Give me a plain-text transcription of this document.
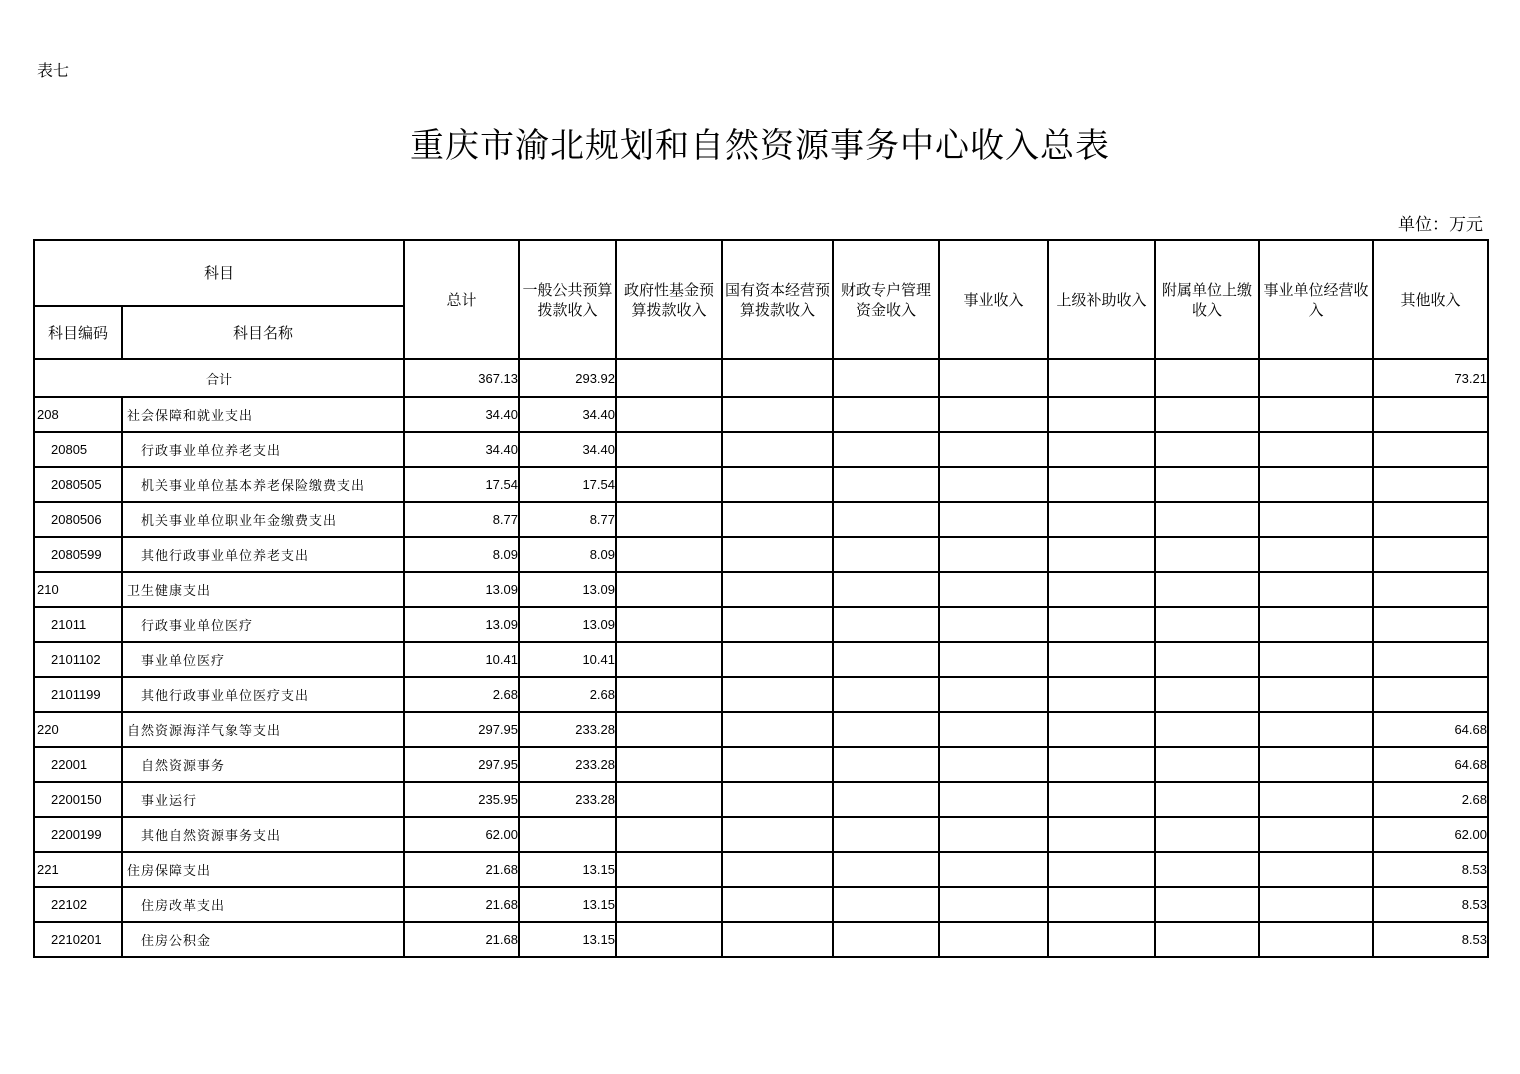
表七
重庆市渝北规划和自然资源事务中心收入总表
单位：万元
科目		总计	一般公共预算拨款收入	政府性基金预算拨款收入	国有资本经营预算拨款收入	财政专户管理资金收入	事业收入	上级补助收入	附属单位上缴收入	事业单位经营收入	其他收入
科目编码	科目名称										
合计		367.13	293.92								73.21
208	社会保障和就业支出	34.40	34.40								
20805	行政事业单位养老支出	34.40	34.40								
2080505	机关事业单位基本养老保险缴费支出	17.54	17.54								
2080506	机关事业单位职业年金缴费支出	8.77	8.77								
2080599	其他行政事业单位养老支出	8.09	8.09								
210	卫生健康支出	13.09	13.09								
21011	行政事业单位医疗	13.09	13.09								
2101102	事业单位医疗	10.41	10.41								
2101199	其他行政事业单位医疗支出	2.68	2.68								
220	自然资源海洋气象等支出	297.95	233.28								64.68
22001	自然资源事务	297.95	233.28								64.68
2200150	事业运行	235.95	233.28								2.68
2200199	其他自然资源事务支出	62.00									62.00
221	住房保障支出	21.68	13.15								8.53
22102	住房改革支出	21.68	13.15								8.53
2210201	住房公积金	21.68	13.15								8.53
